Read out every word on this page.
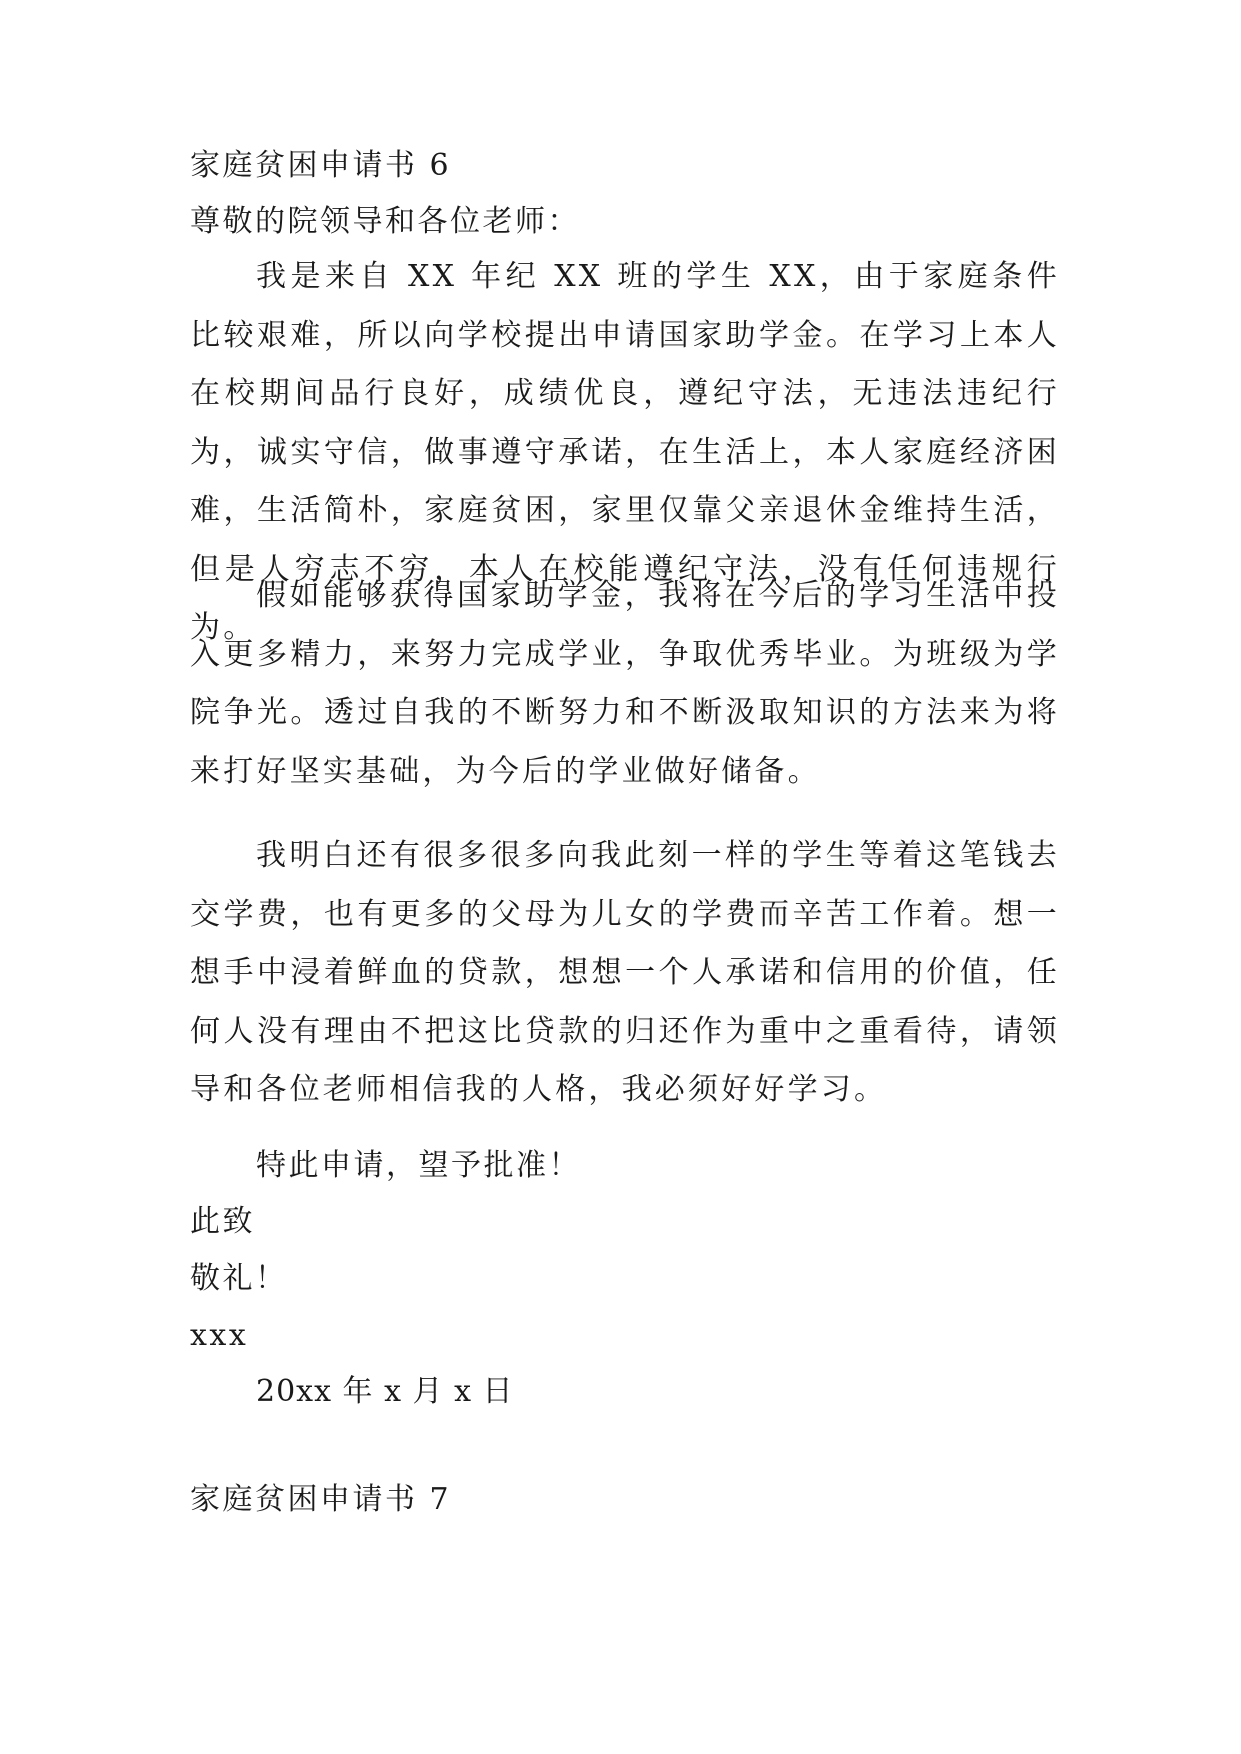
家庭贫困申请书 6
尊敬的院领导和各位老师：

我是来自 XX 年纪 XX 班的学生 XX，由于家庭条件比较艰难，所以向学校提出申请国家助学金。在学习上本人在校期间品行良好，成绩优良，遵纪守法，无违法违纪行为，诚实守信，做事遵守承诺，在生活上，本人家庭经济困难，生活简朴，家庭贫困，家里仅靠父亲退休金维持生活，但是人穷志不穷，本人在校能遵纪守法，没有任何违规行为。

假如能够获得国家助学金，我将在今后的学习生活中投入更多精力，来努力完成学业，争取优秀毕业。为班级为学院争光。透过自我的不断努力和不断汲取知识的方法来为将来打好坚实基础，为今后的学业做好储备。

我明白还有很多很多向我此刻一样的学生等着这笔钱去交学费，也有更多的父母为儿女的学费而辛苦工作着。想一想手中浸着鲜血的贷款，想想一个人承诺和信用的价值，任何人没有理由不把这比贷款的归还作为重中之重看待，请领导和各位老师相信我的人格，我必须好好学习。

特此申请，望予批准！
此致
敬礼！
xxx
20xx 年 x 月 x 日
家庭贫困申请书 7
